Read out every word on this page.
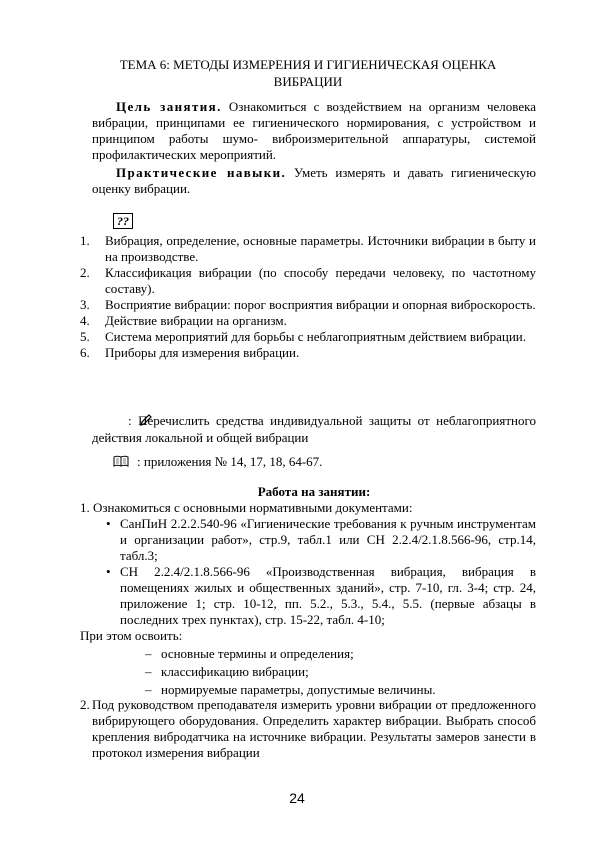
ТЕМА 6: МЕТОДЫ ИЗМЕРЕНИЯ И ГИГИЕНИЧЕСКАЯ ОЦЕНКА
ВИБРАЦИИ
Цель занятия. Ознакомиться с воздействием на организм человека вибрации, принципами ее гигиенического нормирования, с устройством и принципом работы шумо- виброизмерительной аппаратуры, системой профилактических мероприятий.
Практические навыки. Уметь измерять и давать гигиеническую оценку вибрации.
??
1. Вибрация, определение, основные параметры. Источники вибрации в быту и на производстве.
2. Классификация вибрации (по способу передачи человеку, по частотному составу).
3. Восприятие вибрации: порог восприятия вибрации и опорная виброскорость.
4. Действие вибрации на организм.
5. Система мероприятий для борьбы с неблагоприятным действием вибрации.
6. Приборы для измерения вибрации.
: Перечислить средства индивидуальной защиты от неблагоприятного действия локальной и общей вибрации
: приложения № 14, 17, 18, 64-67.
Работа на занятии:
1. Ознакомиться с основными нормативными документами:
• СанПиН 2.2.2.540-96 «Гигиенические требования к ручным инструментам и организации работ», стр.9, табл.1 или СН 2.2.4/2.1.8.566-96, стр.14, табл.3;
• СН 2.2.4/2.1.8.566-96 «Производственная вибрация, вибрация в помещениях жилых и общественных зданий», стр. 7-10, гл. 3-4; стр. 24, приложение 1; стр. 10-12, пп. 5.2., 5.3., 5.4., 5.5. (первые абзацы в последних трех пунктах), стр. 15-22, табл. 4-10;
При этом освоить:
– основные термины и определения;
– классификацию вибрации;
– нормируемые параметры, допустимые величины.
2. Под руководством преподавателя измерить уровни вибрации от предложенного вибрирующего оборудования. Определить характер вибрации. Выбрать способ крепления вибродатчика на источнике вибрации. Результаты замеров занести в протокол измерения вибрации
24
